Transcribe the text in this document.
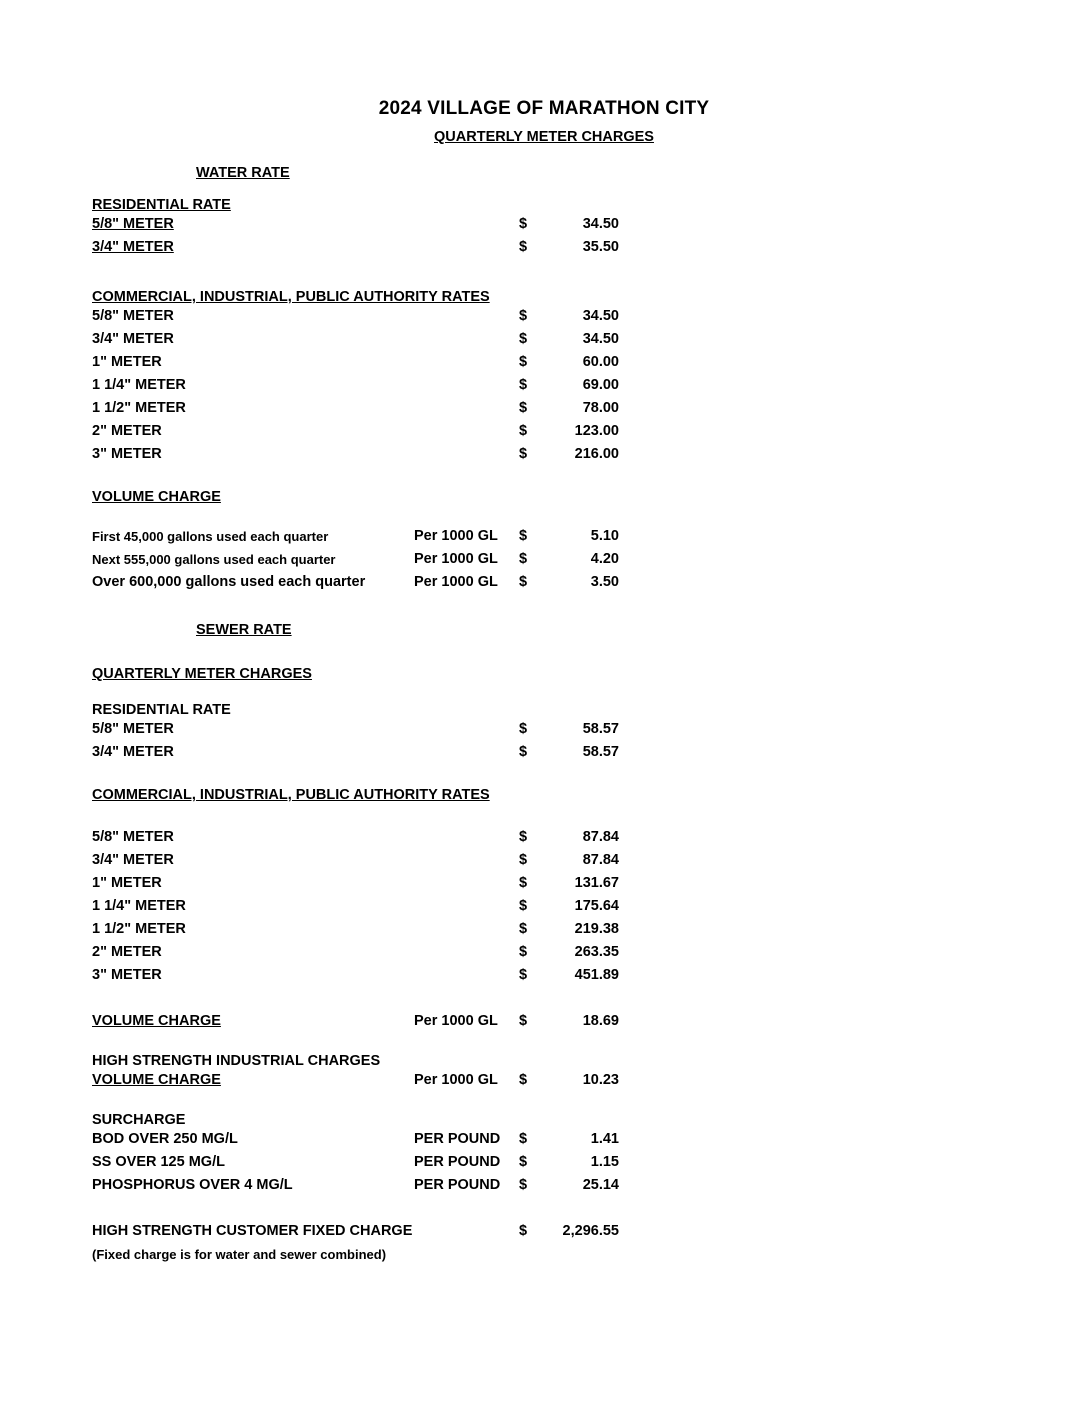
2024 VILLAGE OF MARATHON CITY
QUARTERLY METER CHARGES
WATER RATE
RESIDENTIAL RATE
5/8" METER		$	34.50
3/4" METER		$	35.50
COMMERCIAL, INDUSTRIAL, PUBLIC AUTHORITY RATES
5/8" METER		$	34.50
3/4" METER		$	34.50
1" METER		$	60.00
1 1/4" METER		$	69.00
1 1/2" METER		$	78.00
2" METER		$	123.00
3" METER		$	216.00
VOLUME CHARGE
First 45,000 gallons used each quarter	Per 1000 GL	$	5.10
Next 555,000 gallons used each quarter	Per 1000 GL	$	4.20
Over 600,000 gallons used each quarter	Per 1000 GL	$	3.50
SEWER RATE
QUARTERLY METER CHARGES
RESIDENTIAL RATE
5/8" METER		$	58.57
3/4" METER		$	58.57
COMMERCIAL, INDUSTRIAL, PUBLIC AUTHORITY RATES
5/8" METER		$	87.84
3/4" METER		$	87.84
1" METER		$	131.67
1 1/4" METER		$	175.64
1 1/2" METER		$	219.38
2" METER		$	263.35
3" METER		$	451.89
VOLUME CHARGE	Per 1000 GL	$	18.69
HIGH STRENGTH INDUSTRIAL CHARGES
VOLUME CHARGE	Per 1000 GL	$	10.23
SURCHARGE
BOD OVER 250 MG/L	PER POUND	$	1.41
SS OVER 125 MG/L	PER POUND	$	1.15
PHOSPHORUS OVER 4 MG/L	PER POUND	$	25.14
HIGH STRENGTH CUSTOMER FIXED CHARGE		$	2,296.55
(Fixed charge is for water and sewer combined)
